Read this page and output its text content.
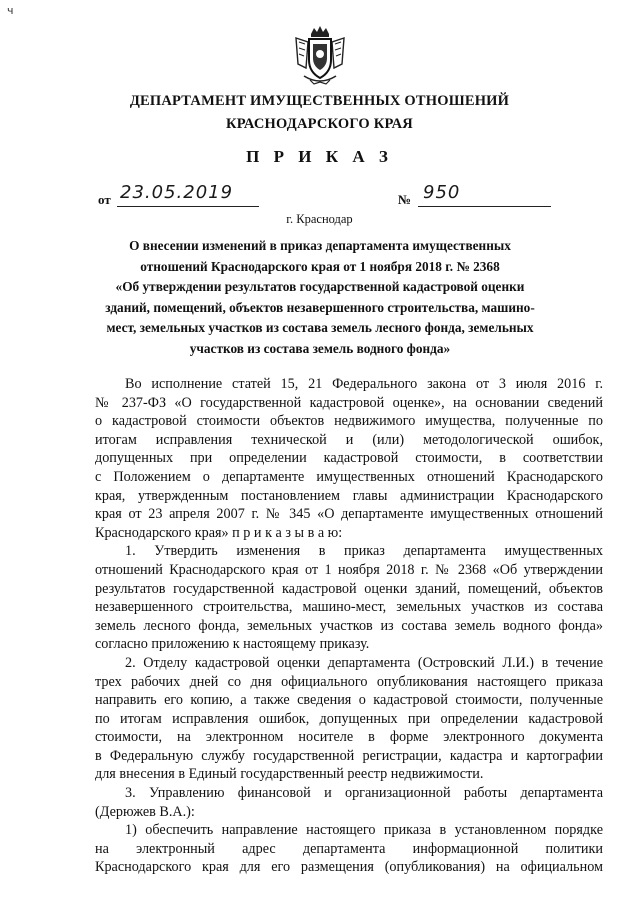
ч
ДЕПАРТАМЕНТ ИМУЩЕСТВЕННЫХ ОТНОШЕНИЙ
КРАСНОДАРСКОГО КРАЯ
П Р И К А З
от 23.05.2019	№ 950
г. Краснодар
О внесении изменений в приказ департамента имущественных
отношений Краснодарского края от 1 ноября 2018 г. № 2368
«Об утверждении результатов государственной кадастровой оценки
зданий, помещений, объектов незавершенного строительства, машино-
мест, земельных участков из состава земель лесного фонда, земельных
участков из состава земель водного фонда»
Во исполнение статей 15, 21 Федерального закона от 3 июля 2016 г.
№ 237-ФЗ «О государственной кадастровой оценке», на основании сведений
о кадастровой стоимости объектов недвижимого имущества, полученные по
итогам исправления технической и (или) методологической ошибок,
допущенных при определении кадастровой стоимости, в соответствии
с Положением о департаменте имущественных отношений Краснодарского
края, утвержденным постановлением главы администрации Краснодарского
края от 23 апреля 2007 г. № 345 «О департаменте имущественных отношений
Краснодарского края» п р и к а з ы в а ю:
1. Утвердить изменения в приказ департамента имущественных
отношений Краснодарского края от 1 ноября 2018 г. № 2368 «Об утверждении
результатов государственной кадастровой оценки зданий, помещений, объектов
незавершенного строительства, машино-мест, земельных участков из состава
земель лесного фонда, земельных участков из состава земель водного фонда»
согласно приложению к настоящему приказу.
2. Отделу кадастровой оценки департамента (Островский Л.И.) в течение
трех рабочих дней со дня официального опубликования настоящего приказа
направить его копию, а также сведения о кадастровой стоимости, полученные
по итогам исправления ошибок, допущенных при определении кадастровой
стоимости, на электронном носителе в форме электронного документа
в Федеральную службу государственной регистрации, кадастра и картографии
для внесения в Единый государственный реестр недвижимости.
3. Управлению финансовой и организационной работы департамента
(Дерюжев В.А.):
1) обеспечить направление настоящего приказа в установленном порядке
на электронный адрес департамента информационной политики
Краснодарского края для его размещения (опубликования) на официальном
